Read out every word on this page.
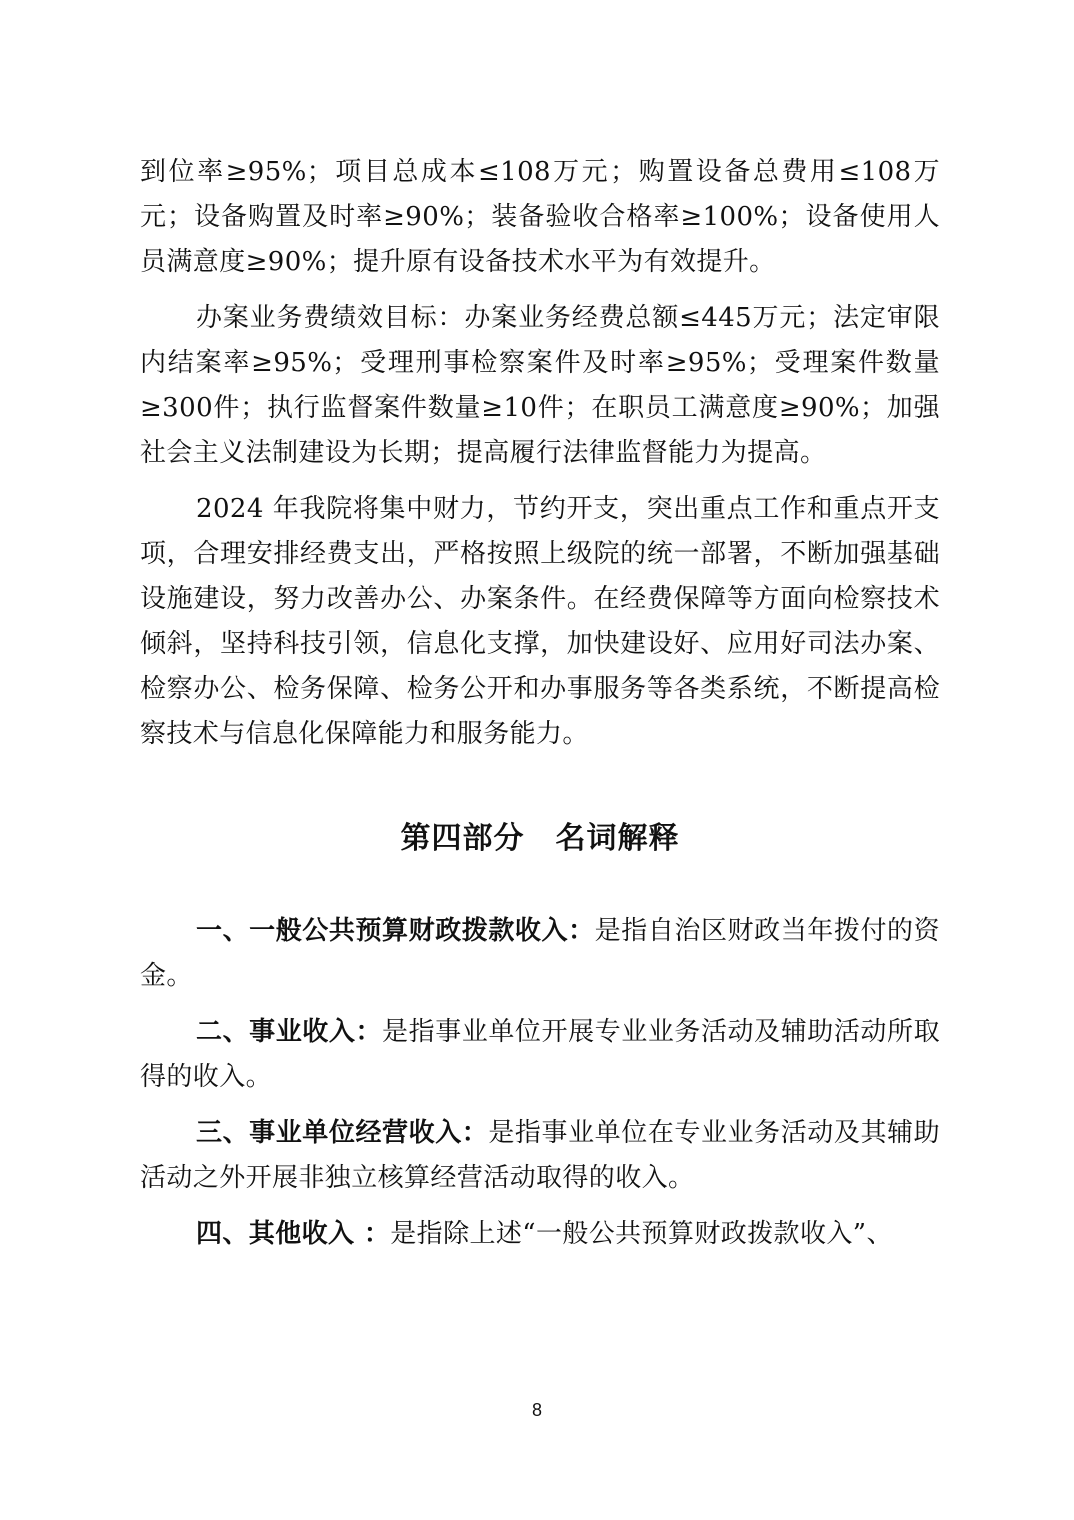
到位率≥95%；项目总成本≤108万元；购置设备总费用≤108万元；设备购置及时率≥90%；装备验收合格率≥100%；设备使用人员满意度≥90%；提升原有设备技术水平为有效提升。

办案业务费绩效目标：办案业务经费总额≤445万元；法定审限内结案率≥95%；受理刑事检察案件及时率≥95%；受理案件数量≥300件；执行监督案件数量≥10件；在职员工满意度≥90%；加强社会主义法制建设为长期；提高履行法律监督能力为提高。

2024 年我院将集中财力，节约开支，突出重点工作和重点开支项，合理安排经费支出，严格按照上级院的统一部署，不断加强基础设施建设，努力改善办公、办案条件。在经费保障等方面向检察技术倾斜，坚持科技引领，信息化支撑，加快建设好、应用好司法办案、检察办公、检务保障、检务公开和办事服务等各类系统，不断提高检察技术与信息化保障能力和服务能力。

第四部分　名词解释

一、一般公共预算财政拨款收入：是指自治区财政当年拨付的资金。

二、事业收入：是指事业单位开展专业业务活动及辅助活动所取得的收入。

三、事业单位经营收入：是指事业单位在专业业务活动及其辅助活动之外开展非独立核算经营活动取得的收入。

四、其他收入 ：是指除上述“一般公共预算财政拨款收入”、

8
